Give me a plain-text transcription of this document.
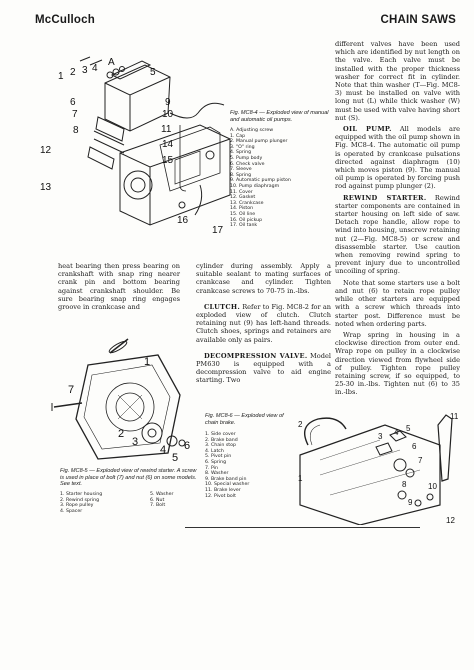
McCulloch	CHAIN SAWS
1 2 3 4
A
5
6
7
8
9
10
11
12
13
14
15
16
17
Fig. MC8-4 — Exploded view of manual and automatic oil pumps.
A. Adjusting screw
1. Cap
2. Manual pump plunger
3. "O" ring
4. Spring
5. Pump body
6. Check valve
7. Sleeve
8. Spring
9. Automatic pump piston
10. Pump diaphragm
11. Cover
12. Gasket
13. Crankcase
14. Piston
15. Oil line
16. Oil pickup
17. Oil tank

different valves have been used which are identified by nut length on the valve. Each valve must be installed with the proper thickness washer for correct fit in cylinder. Note that thin washer (T—Fig. MC8-3) must be installed on valve with long nut (L) while thick washer (W) must be used with valve having short nut (S).

OIL PUMP. All models are equipped with the oil pump shown in Fig. MC8-4. The automatic oil pump is operated by crankcase pulsations directed against diaphragm (10) which moves piston (9). The manual oil pump is operated by forcing push rod against pump plunger (2).

REWIND STARTER. Rewind starter components are contained in starter housing on left side of saw. Detach rope handle, allow rope to wind into housing, unscrew retaining nut (2—Fig. MC8-5) or screw and disassemble starter. Use caution when removing rewind spring to prevent injury due to uncontrolled uncoiling of spring.

Note that some starters use a bolt and nut (6) to retain rope pulley while other starters are equipped with a screw which threads into starter post. Difference must be noted when ordering parts.

Wrap spring in housing in a clockwise direction from outer end. Wrap rope on pulley in a clockwise direction viewed from flywheel side of pulley. Tighten rope pulley retaining screw, if so equipped, to 25-30 in.-lbs. Tighten nut (6) to 35 in.-lbs.

heat bearing then press bearing on crankshaft with snap ring nearer crank pin and bottom bearing against crankshaft shoulder. Be sure bearing snap ring engages groove in crankcase and

cylinder during assembly. Apply a suitable sealant to mating surfaces of crankcase and cylinder. Tighten crankcase screws to 70-75 in.-lbs.

CLUTCH. Refer to Fig. MC8-2 for an exploded view of clutch. Clutch retaining nut (9) has left-hand threads. Clutch shoes, springs and retainers are available only as pairs.

DECOMPRESSION VALVE. Model PM630 is equipped with a decompression valve to aid engine starting. Two

7
1
2
3
4
5
6
Fig. MC8-5 — Exploded view of rewind starter. A screw is used in place of bolt (7) and nut (6) on some models. See text.
1. Starter housing
2. Rewind spring
3. Rope pulley
4. Spacer
5. Washer
6. Nut
7. Bolt
Fig. MC8-6 — Exploded view of chain brake.
1. Side cover
2. Brake band
3. Chain stop
4. Latch
5. Pivot pin
6. Spring
7. Pin
8. Washer
9. Brake band pin
10. Special washer
11. Brake lever
12. Pivot bolt
1
2
3 4 5
6
7
8
9
10
11
12
